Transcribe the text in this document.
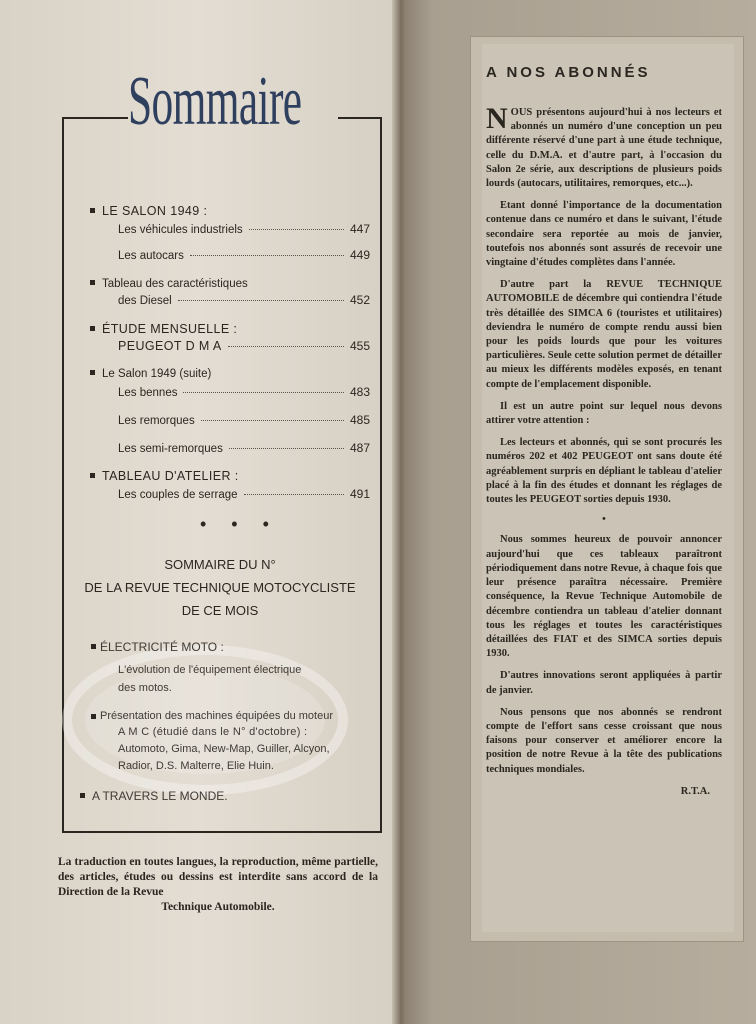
Sommaire
LE SALON 1949 :
Les véhicules industriels	447
Les autocars	449
Tableau des caractéristiques
des Diesel	452
ÉTUDE MENSUELLE :
PEUGEOT D M A	455
Le Salon 1949 (suite)
Les bennes	483
Les remorques	485
Les semi-remorques	487
TABLEAU D'ATELIER :
Les couples de serrage	491
• • •
SOMMAIRE DU N°
DE LA REVUE TECHNIQUE MOTOCYCLISTE
DE CE MOIS
ÉLECTRICITÉ MOTO :
L'évolution de l'équipement électrique
des motos.
Présentation des machines équipées du moteur
A M C (étudié dans le N° d'octobre) :
Automoto, Gima, New-Map, Guiller, Alcyon,
Radior, D.S. Malterre, Elie Huin.
A TRAVERS LE MONDE.
La traduction en toutes langues, la reproduction, même partielle, des articles, études ou dessins est interdite sans accord de la Direction de la Revue
Technique Automobile.
A NOS ABONNÉS

NOUS présentons aujourd'hui à nos lecteurs et abonnés un numéro d'une conception un peu différente réservé d'une part à une étude technique, celle du D.M.A. et d'autre part, à l'occasion du Salon 2e série, aux descriptions de plusieurs poids lourds (autocars, utilitaires, remorques, etc...).

Etant donné l'importance de la documentation contenue dans ce numéro et dans le suivant, l'étude secondaire sera reportée au mois de janvier, toutefois nos abonnés sont assurés de recevoir une vingtaine d'études complètes dans l'année.

D'autre part la REVUE TECHNIQUE AUTOMOBILE de décembre qui contiendra l'étude très détaillée des SIMCA 6 (touristes et utilitaires) deviendra le numéro de compte rendu aussi bien pour les poids lourds que pour les voitures particulières. Seule cette solution permet de détailler au mieux les différents modèles exposés, en tenant compte de l'emplacement disponible.

Il est un autre point sur lequel nous devons attirer votre attention :

Les lecteurs et abonnés, qui se sont procurés les numéros 202 et 402 PEUGEOT ont sans doute été agréablement surpris en dépliant le tableau d'atelier placé à la fin des études et donnant les réglages de toutes les PEUGEOT sorties depuis 1930.

•

Nous sommes heureux de pouvoir annoncer aujourd'hui que ces tableaux paraîtront périodiquement dans notre Revue, à chaque fois que leur présence paraîtra nécessaire. Première conséquence, la Revue Technique Automobile de décembre contiendra un tableau d'atelier donnant tous les réglages et toutes les caractéristiques détaillées des FIAT et des SIMCA sorties depuis 1930.

D'autres innovations seront appliquées à partir de janvier.

Nous pensons que nos abonnés se rendront compte de l'effort sans cesse croissant que nous faisons pour conserver et améliorer encore la position de notre Revue à la tête des publications techniques mondiales.

R.T.A.
